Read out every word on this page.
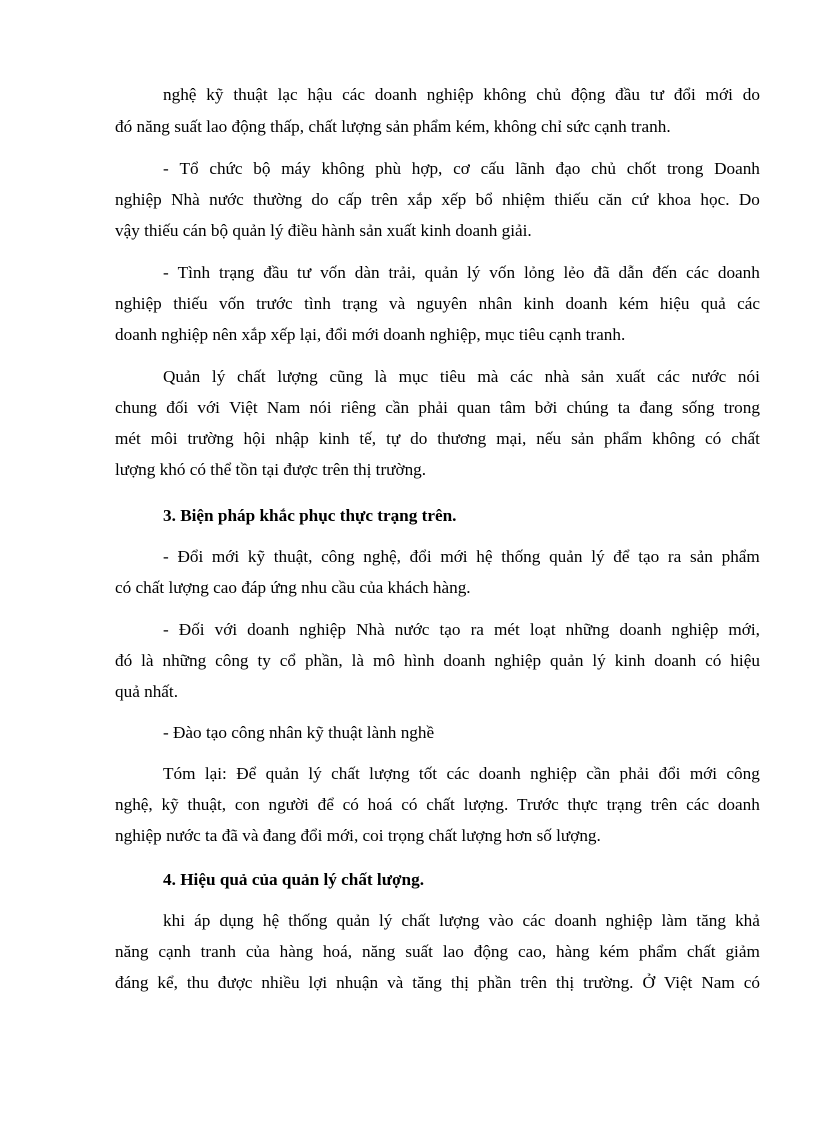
nghệ kỹ thuật lạc hậu các doanh nghiệp không chủ động đầu tư đổi mới do
đó năng suất lao động thấp, chất lượng sản phẩm kém, không chỉ sức cạnh tranh.
- Tổ chức bộ máy không phù hợp, cơ cấu lãnh đạo chủ chốt trong Doanh
nghiệp Nhà nước thường do cấp trên xắp xếp bổ nhiệm thiếu căn cứ khoa học. Do
vậy thiếu cán bộ quản lý điều hành sản xuất kinh doanh giải.
- Tình trạng đầu tư vốn dàn trải, quản lý vốn lỏng lẻo đã dẫn đến các doanh
nghiệp thiếu vốn trước tình trạng và nguyên nhân kinh doanh kém hiệu quả các
doanh nghiệp nên xắp xếp lại, đổi mới doanh nghiệp, mục tiêu cạnh tranh.
Quản lý chất lượng cũng là mục tiêu mà các nhà sản xuất các nước nói
chung đối với Việt Nam nói riêng cần phải quan tâm bởi chúng ta đang sống trong
mét môi trường hội nhập kinh tế, tự do thương mại, nếu sản phẩm không có chất
lượng khó có thể tồn tại được trên thị trường.
3. Biện pháp khắc phục thực trạng trên.
- Đổi mới kỹ thuật, công nghệ, đổi mới hệ thống quản lý để tạo ra sản phẩm
có chất lượng cao đáp ứng nhu cầu của khách hàng.
- Đối với doanh nghiệp Nhà nước tạo ra mét loạt những doanh nghiệp mới,
đó là những công ty cổ phần, là mô hình doanh nghiệp quản lý kinh doanh có hiệu
quả nhất.
- Đào tạo công nhân kỹ thuật lành nghề
Tóm lại: Để quản lý chất lượng tốt các doanh nghiệp cần phải đổi mới công
nghệ, kỹ thuật, con người để có hoá có chất lượng. Trước thực trạng trên các doanh
nghiệp nước ta đã và đang đổi mới, coi trọng chất lượng hơn số lượng.
4. Hiệu quả của quản lý chất lượng.
khi áp dụng hệ thống quản lý chất lượng vào các doanh nghiệp làm tăng khả
năng cạnh tranh của hàng hoá, năng suất lao động cao, hàng kém phẩm chất giảm
đáng kể, thu được nhiều lợi nhuận và tăng thị phần trên thị trường. Ở Việt Nam có
